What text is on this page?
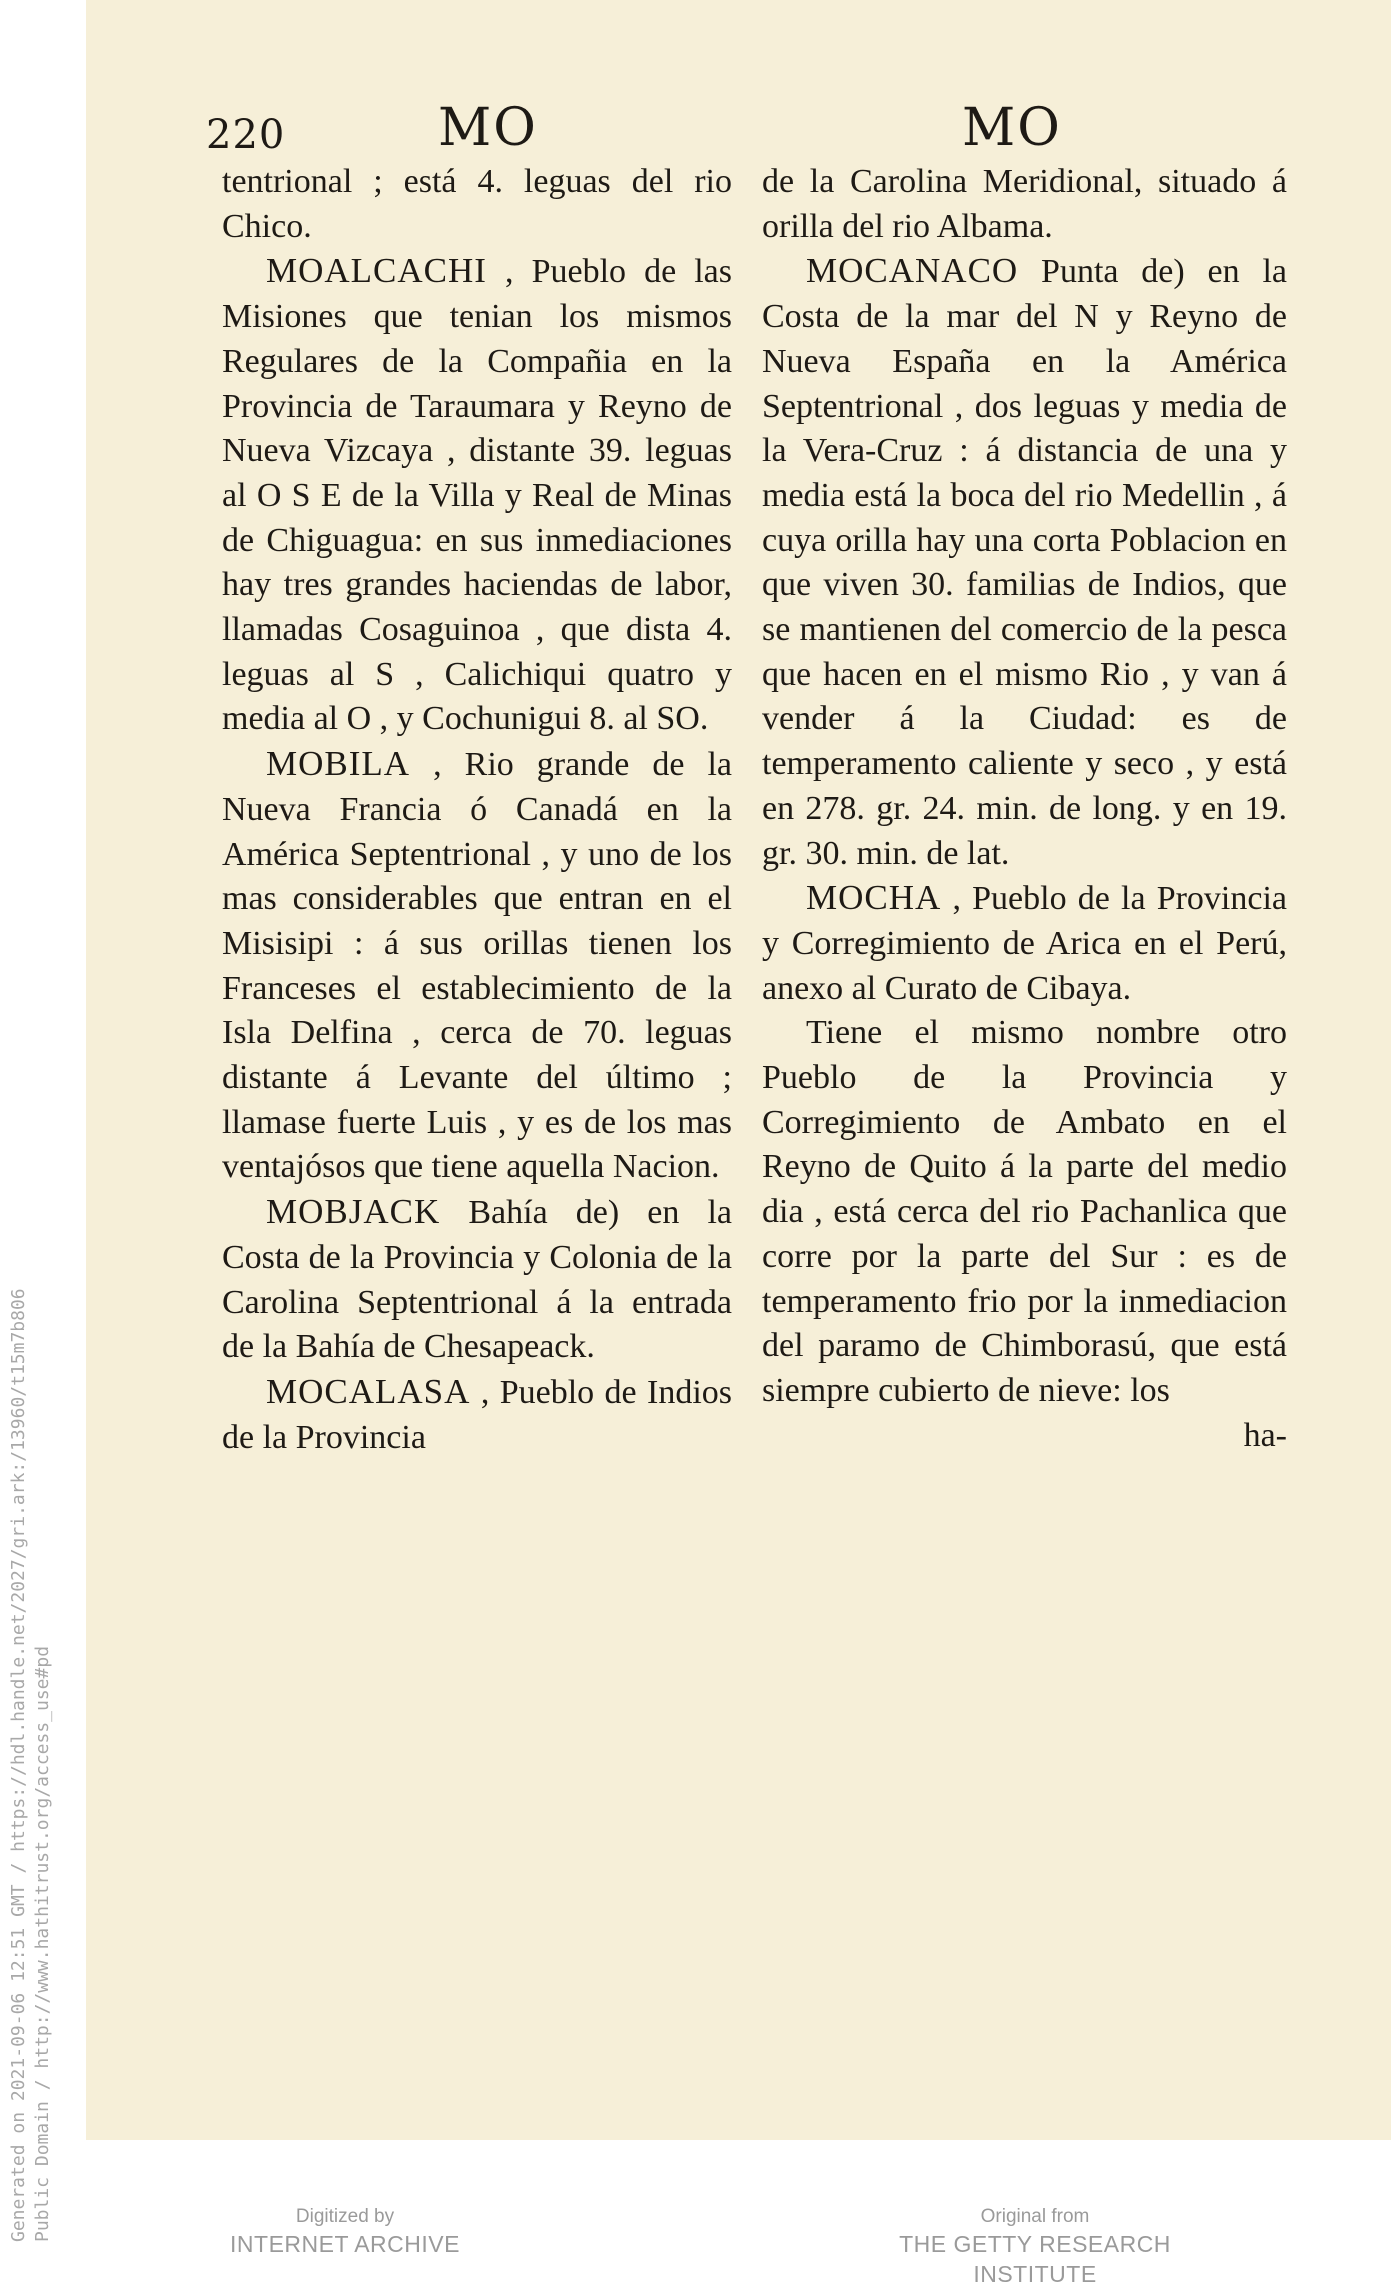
220	MO	MO

tentrional ; está 4. leguas del rio Chico.

MOALCACHI , Pueblo de las Misiones que tenian los mismos Regulares de la Compañia en la Provincia de Taraumara y Reyno de Nueva Vizcaya , distante 39. leguas al O S E de la Villa y Real de Minas de Chiguagua: en sus inmediaciones hay tres grandes haciendas de labor, llamadas Cosaguinoa , que dista 4. leguas al S , Calichiqui quatro y media al O , y Cochunigui 8. al SO.

MOBILA , Rio grande de la Nueva Francia ó Canadá en la América Septentrional , y uno de los mas considerables que entran en el Misisipi : á sus orillas tienen los Franceses el establecimiento de la Isla Delfina , cerca de 70. leguas distante á Levante del último ; llamase fuerte Luis , y es de los mas ventajósos que tiene aquella Nacion.

MOBJACK Bahía de) en la Costa de la Provincia y Colonia de la Carolina Septentrional á la entrada de la Bahía de Chesapeack.

MOCALASA , Pueblo de Indios de la Provincia

de la Carolina Meridional, situado á orilla del rio Albama.

MOCANACO Punta de) en la Costa de la mar del N y Reyno de Nueva España en la América Septentrional , dos leguas y media de la Vera-Cruz : á distancia de una y media está la boca del rio Medellin , á cuya orilla hay una corta Poblacion en que viven 30. familias de Indios, que se mantienen del comercio de la pesca que hacen en el mismo Rio , y van á vender á la Ciudad: es de temperamento caliente y seco , y está en 278. gr. 24. min. de long. y en 19. gr. 30. min. de lat.

MOCHA , Pueblo de la Provincia y Corregimiento de Arica en el Perú, anexo al Curato de Cibaya.

Tiene el mismo nombre otro Pueblo de la Provincia y Corregimiento de Ambato en el Reyno de Quito á la parte del medio dia , está cerca del rio Pachanlica que corre por la parte del Sur : es de temperamento frio por la inmediacion del paramo de Chimborasú, que está siempre cubierto de nieve: los

ha-

Generated on 2021-09-06 12:51 GMT / https://hdl.handle.net/2027/gri.ark:/13960/t15m7b806 Public Domain / http://www.hathitrust.org/access_use#pd	Digitized by
INTERNET ARCHIVE
Original from
THE GETTY RESEARCH INSTITUTE
